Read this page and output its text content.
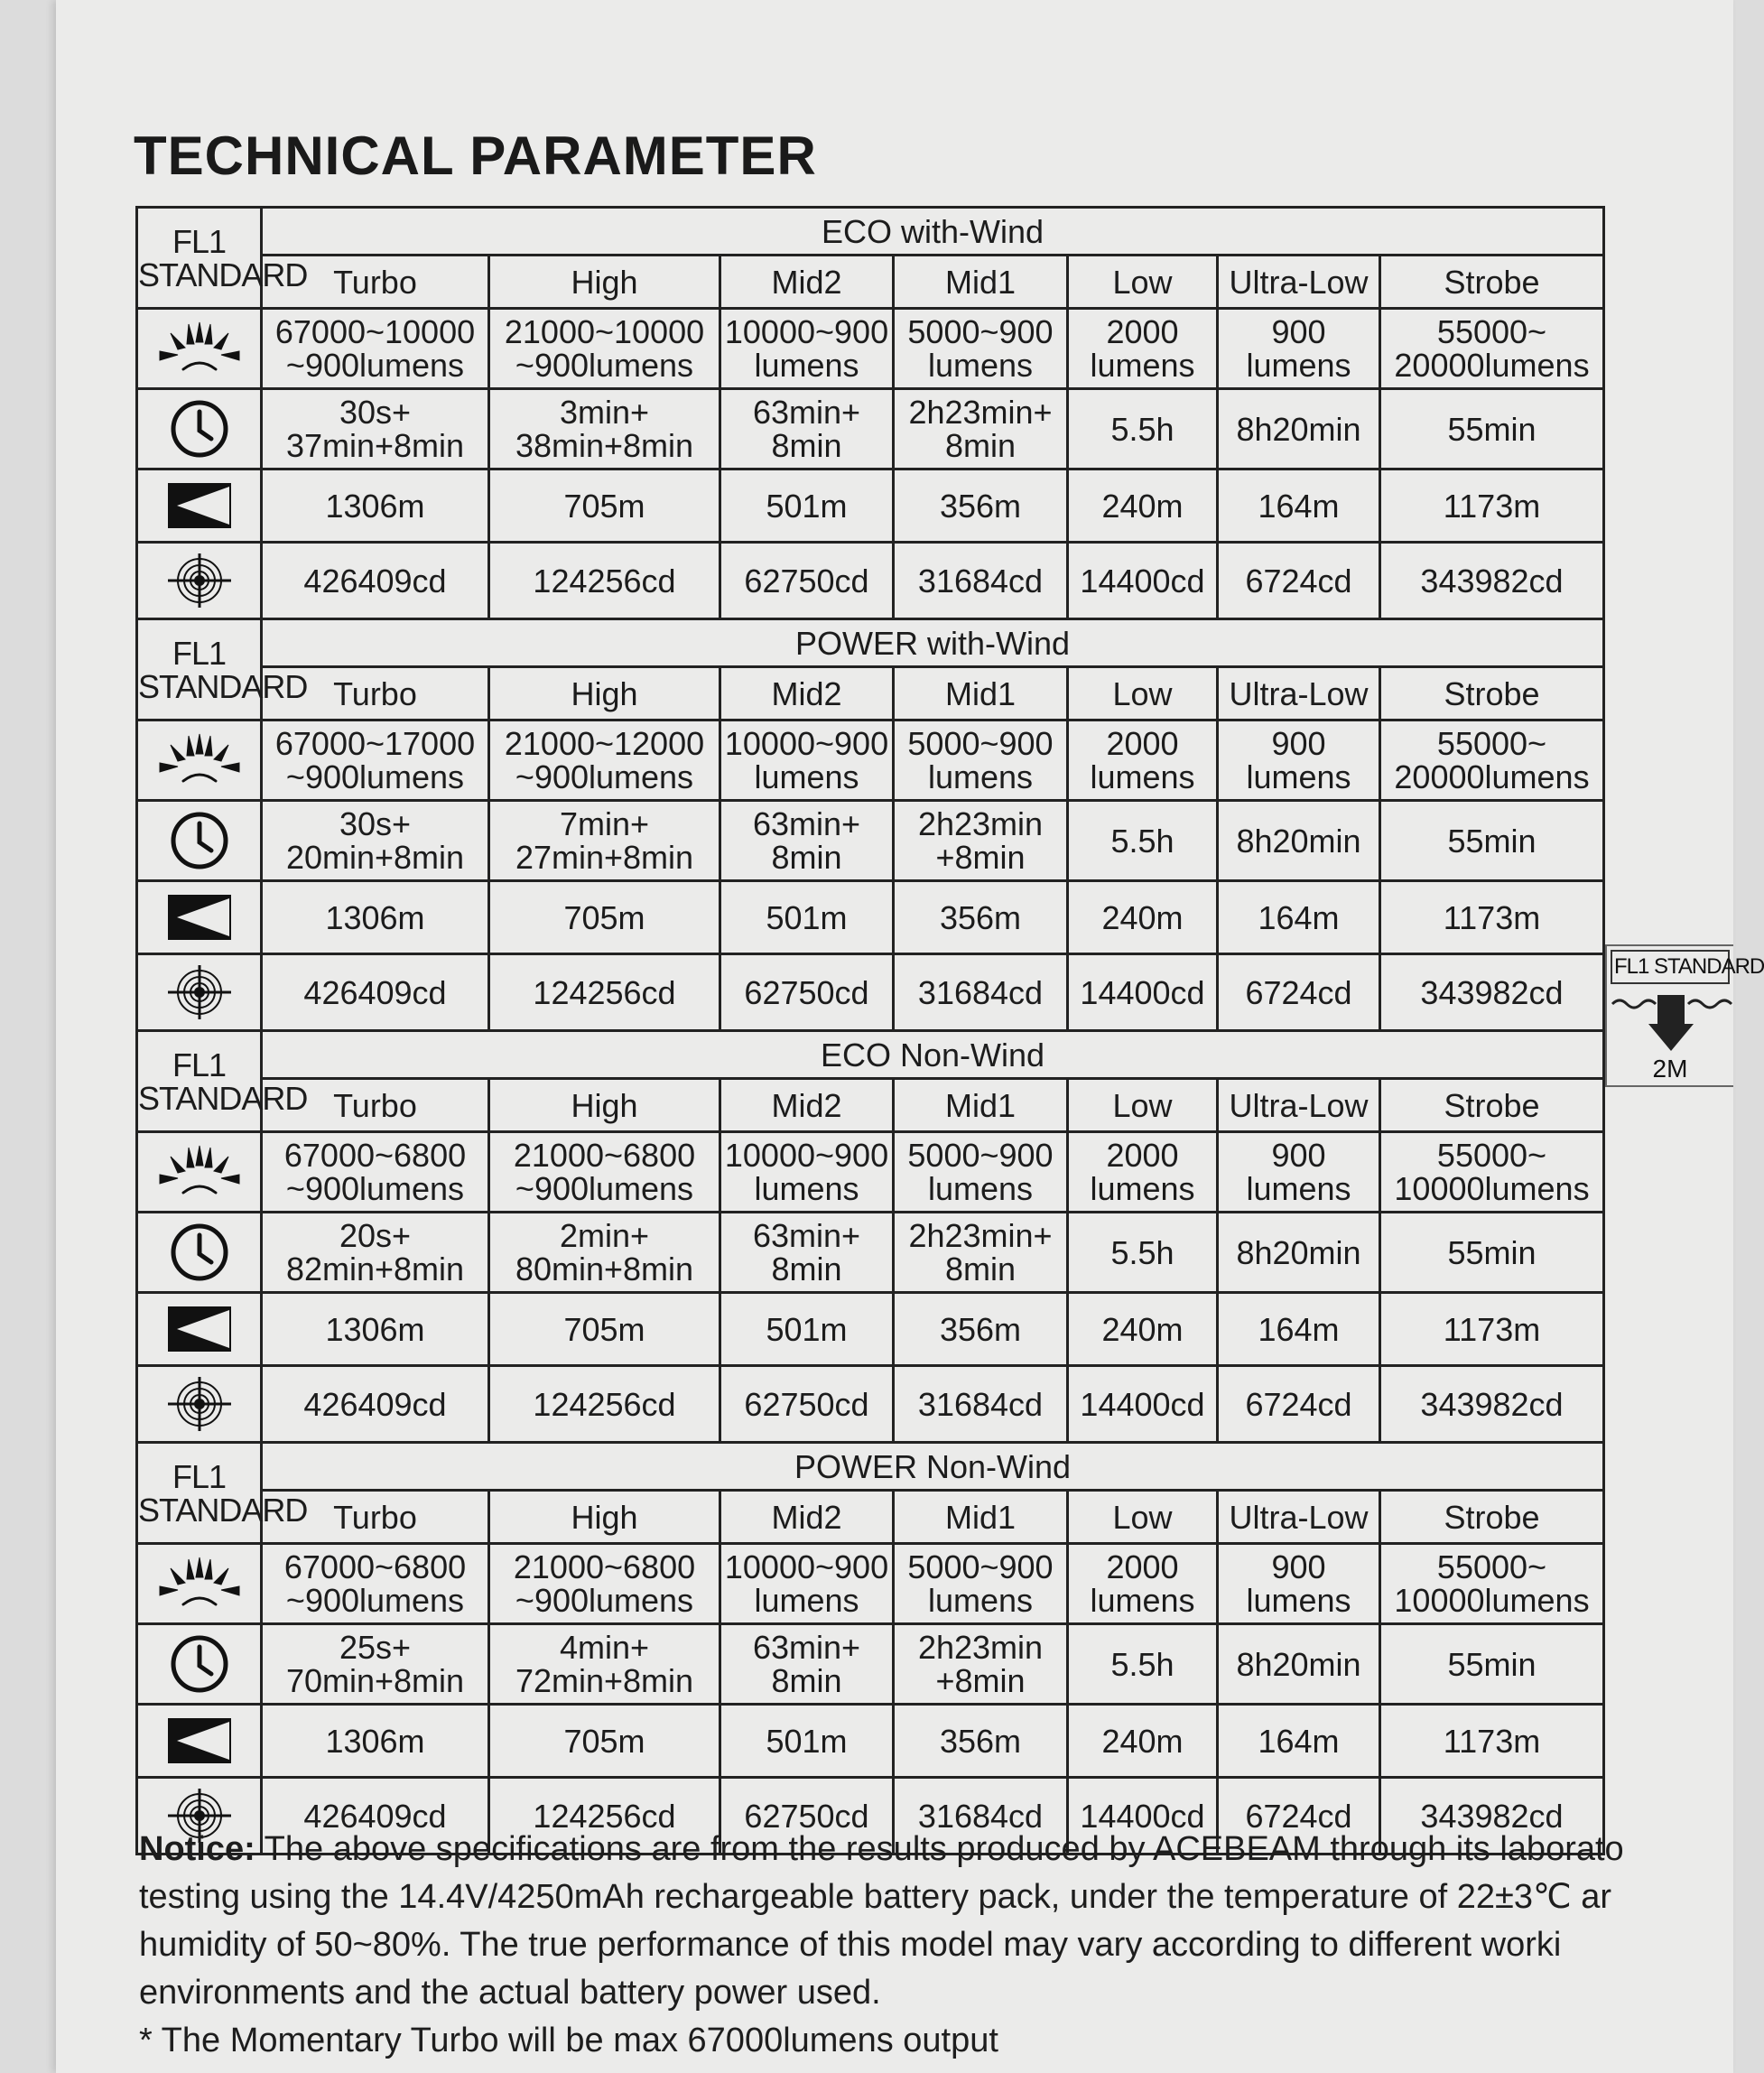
TECHNICAL PARAMETER
FL1
STANDARD	ECO with-Wind						
	Turbo	High	Mid2	Mid1	Low	Ultra-Low	Strobe

	67000~10000
~900lumens	21000~10000
~900lumens	10000~900
lumens	5000~900
lumens	2000
lumens	900
lumens	55000~
20000lumens

	30s+
37min+8min	3min+
38min+8min	63min+
8min	2h23min+
8min	5.5h	8h20min	55min

	1306m	705m	501m	356m	240m	164m	1173m

	426409cd	124256cd	62750cd	31684cd	14400cd	6724cd	343982cd
FL1
STANDARD	POWER with-Wind						
	Turbo	High	Mid2	Mid1	Low	Ultra-Low	Strobe

	67000~17000
~900lumens	21000~12000
~900lumens	10000~900
lumens	5000~900
lumens	2000
lumens	900
lumens	55000~
20000lumens

	30s+
20min+8min	7min+
27min+8min	63min+
8min	2h23min
+8min	5.5h	8h20min	55min

	1306m	705m	501m	356m	240m	164m	1173m

	426409cd	124256cd	62750cd	31684cd	14400cd	6724cd	343982cd
FL1
STANDARD	ECO Non-Wind						
	Turbo	High	Mid2	Mid1	Low	Ultra-Low	Strobe

	67000~6800
~900lumens	21000~6800
~900lumens	10000~900
lumens	5000~900
lumens	2000
lumens	900
lumens	55000~
10000lumens

	20s+
82min+8min	2min+
80min+8min	63min+
8min	2h23min+
8min	5.5h	8h20min	55min

	1306m	705m	501m	356m	240m	164m	1173m

	426409cd	124256cd	62750cd	31684cd	14400cd	6724cd	343982cd
FL1
STANDARD	POWER Non-Wind						
	Turbo	High	Mid2	Mid1	Low	Ultra-Low	Strobe

	67000~6800
~900lumens	21000~6800
~900lumens	10000~900
lumens	5000~900
lumens	2000
lumens	900
lumens	55000~
10000lumens

	25s+
70min+8min	4min+
72min+8min	63min+
8min	2h23min
+8min	5.5h	8h20min	55min

	1306m	705m	501m	356m	240m	164m	1173m

	426409cd	124256cd	62750cd	31684cd	14400cd	6724cd	343982cd
FL1 STANDARD
2M

Notice: The above specifications are from the results produced by ACEBEAM through its laborato

testing using the 14.4V/4250mAh rechargeable battery pack, under the temperature of 22±3℃ ar

humidity of 50~80%. The true performance of this model may vary according to different worki

environments and the actual battery power used.

* The Momentary Turbo will be max 67000lumens output
